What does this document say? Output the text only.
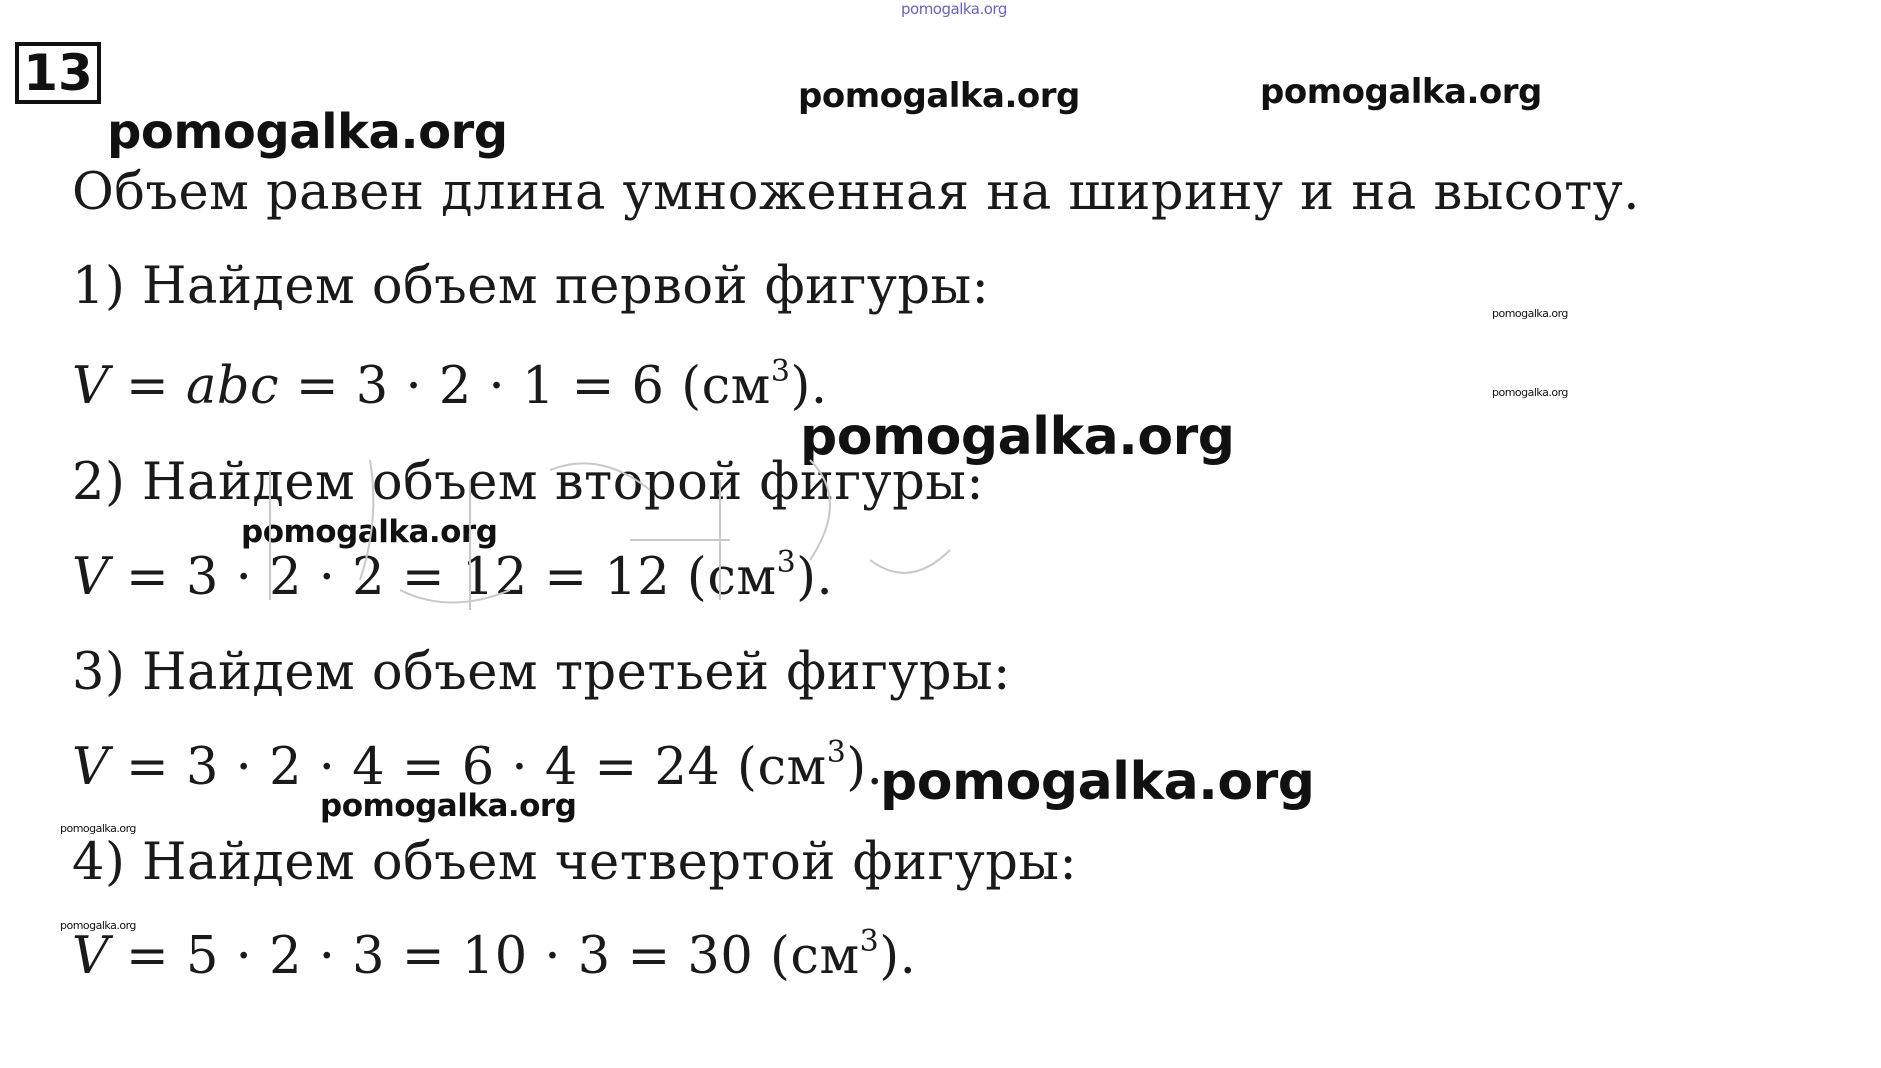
pomogalka.org
13
pomogalka.org
pomogalka.org	pomogalka.org

Объем равен длина умноженная на ширину и на высоту.

1) Найдем объем первой фигуры:	pomogalka.org

V = abc = 3 · 2 · 1 = 6 $(см^3)$.	pomogalka.org
pomogalka.org

2) Найдем объем второй фигуры:

pomogalka.org

V = 3 · 2 · 2 = 12 = 12 $(см^3)$.

3) Найдем объем третьей фигуры:

V = 3 · 2 · 4 = 6 · 4 = 24 $(см^3)$.

pomogalka.org
pomogalka.org
pomogalka.org

4) Найдем объем четвертой фигуры:

pomogalka.org

V = 5 · 2 · 3 = 10 · 3 = 30 $(см^3)$.
